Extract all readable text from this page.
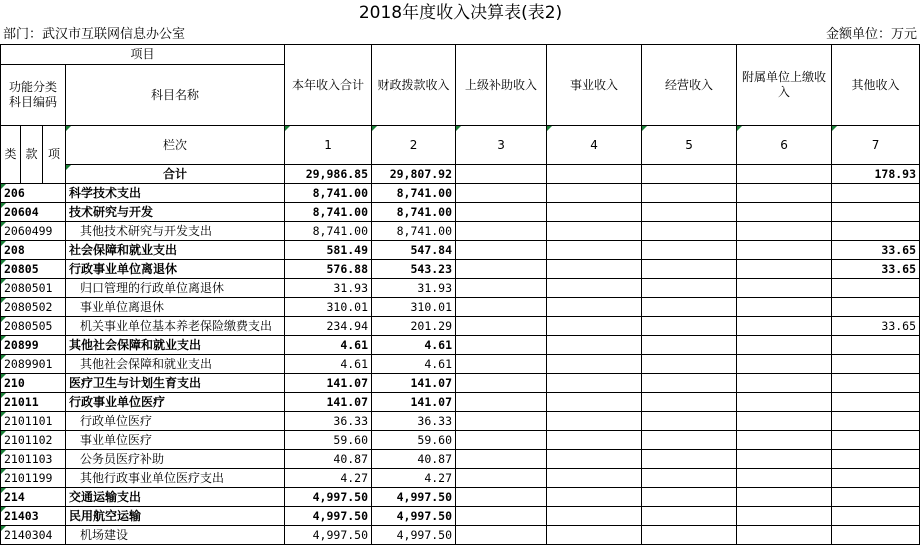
2018年度收入决算表(表2)
部门：武汉市互联网信息办公室	金额单位：万元
项目				本年收入合计	财政拨款收入	上级补助收入	事业收入	经营收入	附属单位上缴收入	其他收入
功能分类科目编码			科目名称							
类	款	项	栏次	1	2	3	4	5	6	7
			合计	29,986.85	29,807.92					178.93
206			科学技术支出	8,741.00	8,741.00					
20604			技术研究与开发	8,741.00	8,741.00					
2060499			其他技术研究与开发支出	8,741.00	8,741.00					
208			社会保障和就业支出	581.49	547.84					33.65
20805			行政事业单位离退休	576.88	543.23					33.65
2080501			归口管理的行政单位离退休	31.93	31.93					
2080502			事业单位离退休	310.01	310.01					
2080505			机关事业单位基本养老保险缴费支出	234.94	201.29					33.65
20899			其他社会保障和就业支出	4.61	4.61					
2089901			其他社会保障和就业支出	4.61	4.61					
210			医疗卫生与计划生育支出	141.07	141.07					
21011			行政事业单位医疗	141.07	141.07					
2101101			行政单位医疗	36.33	36.33					
2101102			事业单位医疗	59.60	59.60					
2101103			公务员医疗补助	40.87	40.87					
2101199			其他行政事业单位医疗支出	4.27	4.27					
214			交通运输支出	4,997.50	4,997.50					
21403			民用航空运输	4,997.50	4,997.50					
2140304			机场建设	4,997.50	4,997.50					
